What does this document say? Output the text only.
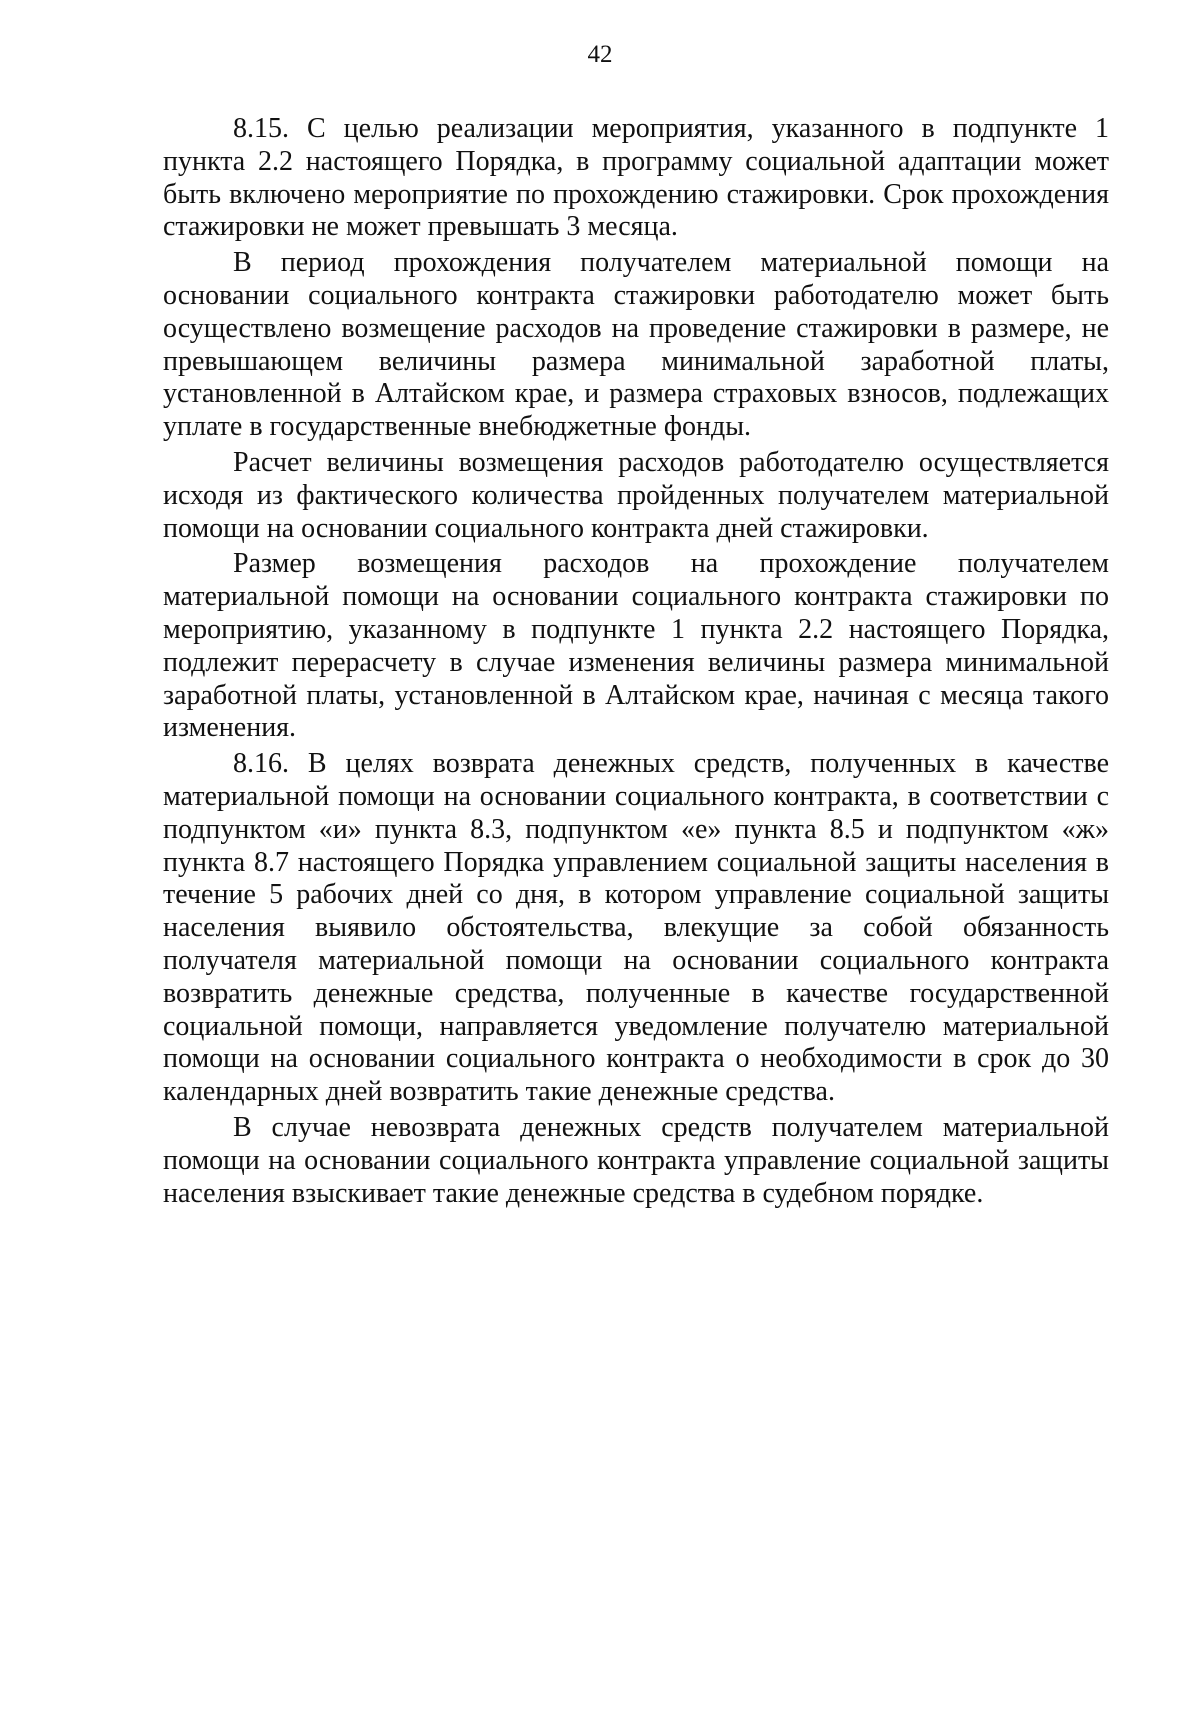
42

8.15. С целью реализации мероприятия, указанного в подпункте 1 пункта 2.2 настоящего Порядка, в программу социальной адаптации может быть включено мероприятие по прохождению стажировки. Срок прохождения стажировки не может превышать 3 месяца.

В период прохождения получателем материальной помощи на основании социального контракта стажировки работодателю может быть осуществлено возмещение расходов на проведение стажировки в размере, не превышающем величины размера минимальной заработной платы, установленной в Алтайском крае, и размера страховых взносов, подлежащих уплате в государственные внебюджетные фонды.

Расчет величины возмещения расходов работодателю осуществляется исходя из фактического количества пройденных получателем материальной помощи на основании социального контракта дней стажировки.

Размер возмещения расходов на прохождение получателем материальной помощи на основании социального контракта стажировки по мероприятию, указанному в подпункте 1 пункта 2.2 настоящего Порядка, подлежит перерасчету в случае изменения величины размера минимальной заработной платы, установленной в Алтайском крае, начиная с месяца такого изменения.

8.16. В целях возврата денежных средств, полученных в качестве материальной помощи на основании социального контракта, в соответствии с подпунктом «и» пункта 8.3, подпунктом «е» пункта 8.5 и подпунктом «ж» пункта 8.7 настоящего Порядка управлением социальной защиты населения в течение 5 рабочих дней со дня, в котором управление социальной защиты населения выявило обстоятельства, влекущие за собой обязанность получателя материальной помощи на основании социального контракта возвратить денежные средства, полученные в качестве государственной социальной помощи, направляется уведомление получателю материальной помощи на основании социального контракта о необходимости в срок до 30 календарных дней возвратить такие денежные средства.

В случае невозврата денежных средств получателем материальной помощи на основании социального контракта управление социальной защиты населения взыскивает такие денежные средства в судебном порядке.
